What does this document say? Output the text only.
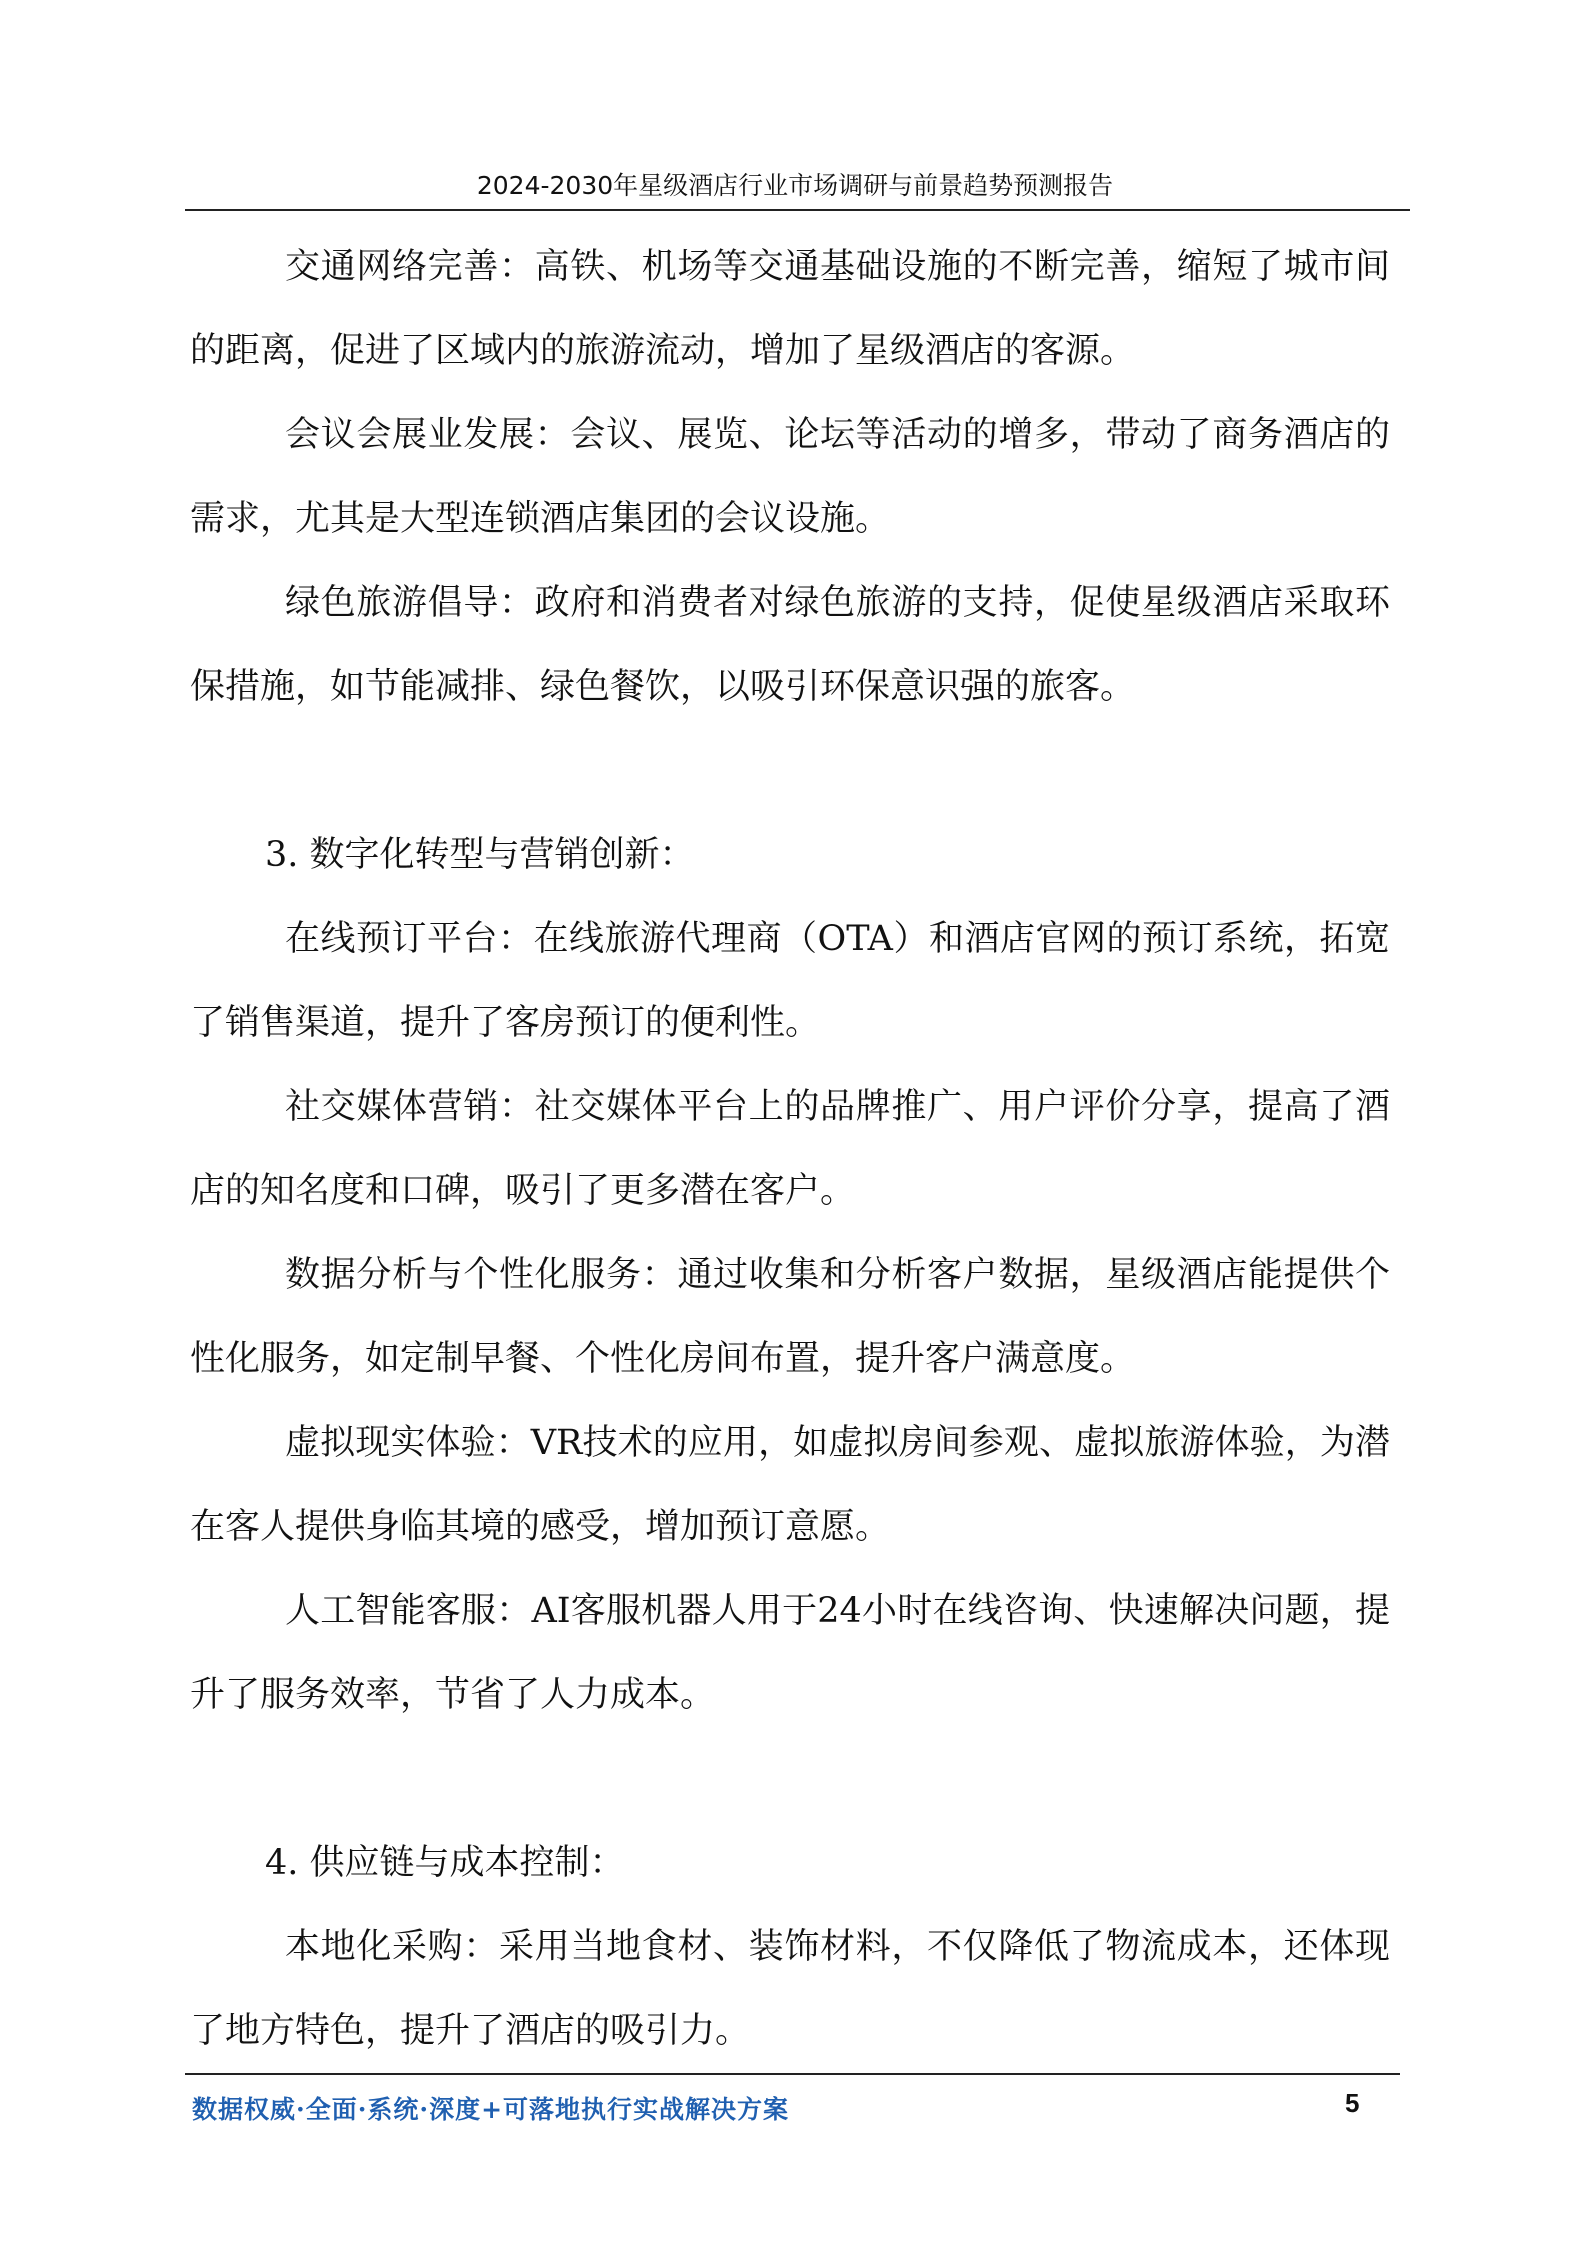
2024-2030年星级酒店行业市场调研与前景趋势预测报告

交通网络完善：高铁、机场等交通基础设施的不断完善，缩短了城市间的距离，促进了区域内的旅游流动，增加了星级酒店的客源。

会议会展业发展：会议、展览、论坛等活动的增多，带动了商务酒店的需求，尤其是大型连锁酒店集团的会议设施。

绿色旅游倡导：政府和消费者对绿色旅游的支持，促使星级酒店采取环保措施，如节能减排、绿色餐饮，以吸引环保意识强的旅客。

3. 数字化转型与营销创新：

在线预订平台：在线旅游代理商（OTA）和酒店官网的预订系统，拓宽了销售渠道，提升了客房预订的便利性。

社交媒体营销：社交媒体平台上的品牌推广、用户评价分享，提高了酒店的知名度和口碑，吸引了更多潜在客户。

数据分析与个性化服务：通过收集和分析客户数据，星级酒店能提供个性化服务，如定制早餐、个性化房间布置，提升客户满意度。

虚拟现实体验：VR技术的应用，如虚拟房间参观、虚拟旅游体验，为潜在客人提供身临其境的感受，增加预订意愿。

人工智能客服：AI客服机器人用于24小时在线咨询、快速解决问题，提升了服务效率，节省了人力成本。

4. 供应链与成本控制：

本地化采购：采用当地食材、装饰材料，不仅降低了物流成本，还体现了地方特色，提升了酒店的吸引力。

数据权威·全面·系统·深度+可落地执行实战解决方案	5
